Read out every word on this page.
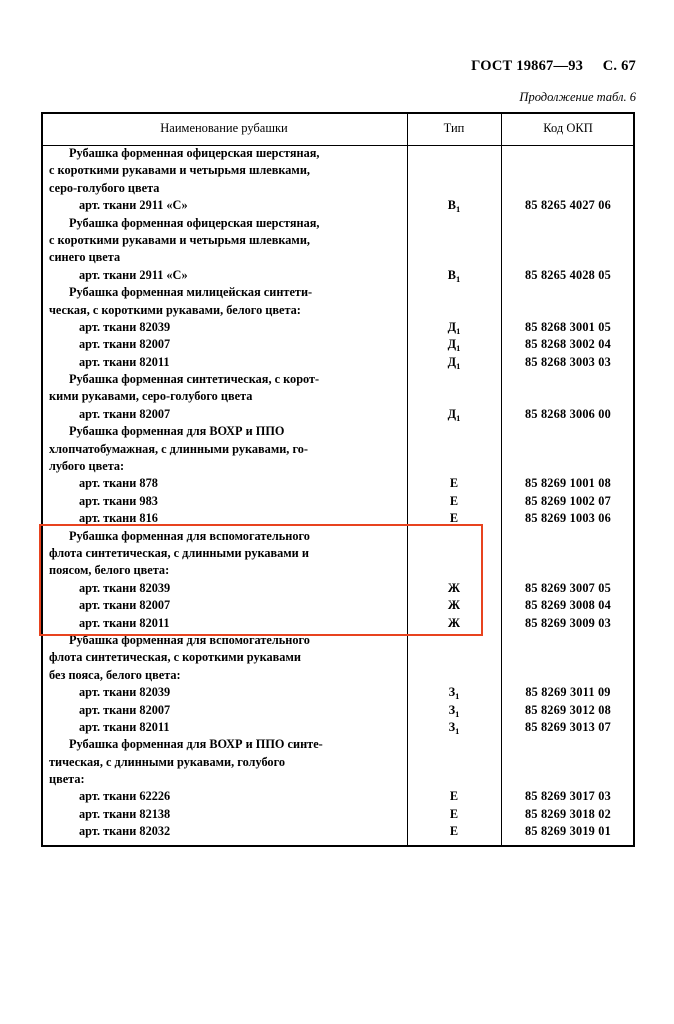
ГОСТ 19867—93 С. 67
Продолжение табл. 6
Наименование рубашки	Тип	Код ОКП
Рубашка форменная офицерская шерстяная,
с короткими рукавами и четырьмя шлевками,
серо-голубого цвета
арт. ткани 2911 «С»	$В_1$	85 8265 4027 06
Рубашка форменная офицерская шерстяная,
с короткими рукавами и четырьмя шлевками,
синего цвета
арт. ткани 2911 «С»	$В_1$	85 8265 4028 05
Рубашка форменная милицейская синтети-
ческая, с короткими рукавами, белого цвета:
арт. ткани 82039	$Д_1$	85 8268 3001 05
арт. ткани 82007	$Д_1$	85 8268 3002 04
арт. ткани 82011	$Д_1$	85 8268 3003 03
Рубашка форменная синтетическая, с корот-
кими рукавами, серо-голубого цвета
арт. ткани 82007	$Д_1$	85 8268 3006 00
Рубашка форменная для ВОХР и ППО
хлопчатобумажная, с длинными рукавами, го-
лубого цвета:
арт. ткани 878	Е	85 8269 1001 08
арт. ткани 983	Е	85 8269 1002 07
арт. ткани 816	Е	85 8269 1003 06
Рубашка форменная для вспомогательного
флота синтетическая, с длинными рукавами и
поясом, белого цвета:
арт. ткани 82039	Ж	85 8269 3007 05
арт. ткани 82007	Ж	85 8269 3008 04
арт. ткани 82011	Ж	85 8269 3009 03
Рубашка форменная для вспомогательного
флота синтетическая, с короткими рукавами
без пояса, белого цвета:
арт. ткани 82039	$З_1$	85 8269 3011 09
арт. ткани 82007	$З_1$	85 8269 3012 08
арт. ткани 82011	$З_1$	85 8269 3013 07
Рубашка форменная для ВОХР и ППО синте-
тическая, с длинными рукавами, голубого
цвета:
арт. ткани 62226	Е	85 8269 3017 03
арт. ткани 82138	Е	85 8269 3018 02
арт. ткани 82032	Е	85 8269 3019 01
